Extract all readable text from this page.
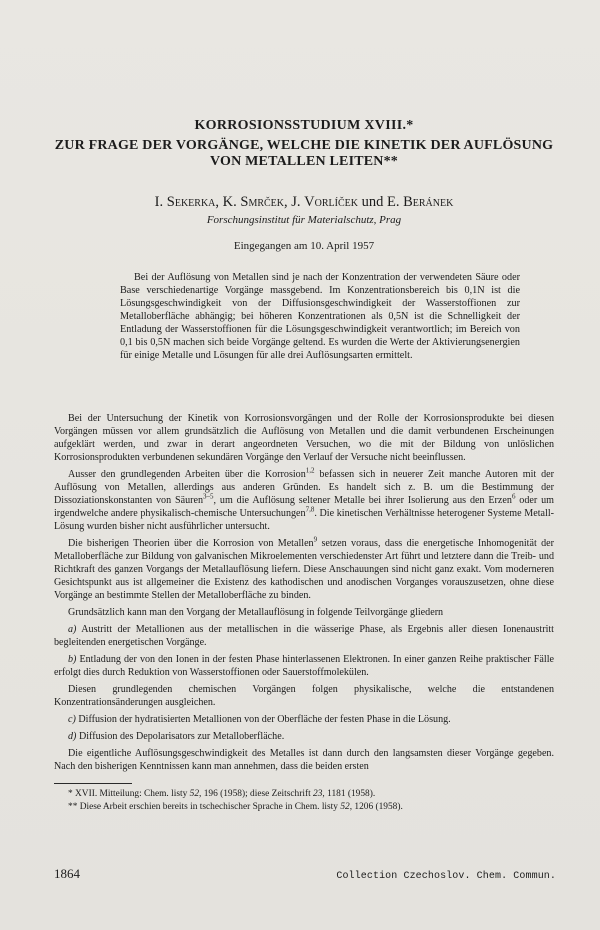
KORROSIONSSTUDIUM XVIII.*
ZUR FRAGE DER VORGÄNGE, WELCHE DIE KINETIK DER AUFLÖSUNG
VON METALLEN LEITEN**
I. Sekerka, K. Smrček, J. Vorlíček und E. Beránek
Forschungsinstitut für Materialschutz, Prag
Eingegangen am 10. April 1957
Bei der Auflösung von Metallen sind je nach der Konzentration der verwendeten Säure oder Base verschiedenartige Vorgänge massgebend. Im Konzentrationsbereich bis 0,1N ist die Lösungsgeschwindigkeit von der Diffusionsgeschwindigkeit der Wasserstoffionen zur Metalloberfläche abhängig; bei höheren Konzentrationen als 0,5N ist die Schnelligkeit der Entladung der Wasserstoffionen für die Lösungsgeschwindigkeit verantwortlich; im Bereich von 0,1 bis 0,5N machen sich beide Vorgänge geltend. Es wurden die Werte der Aktivierungsenergien für einige Metalle und Lösungen für alle drei Auflösungsarten ermittelt.

Bei der Untersuchung der Kinetik von Korrosionsvorgängen und der Rolle der Korrosionsprodukte bei diesen Vorgängen müssen vor allem grundsätzlich die Auflösung von Metallen und die damit verbundenen Erscheinungen aufgeklärt werden, und zwar in derart angeordneten Versuchen, wo die mit der Bildung von unlöslichen Korrosionsprodukten verbundenen sekundären Vorgänge den Verlauf der Versuche nicht beeinflussen.

Ausser den grundlegenden Arbeiten über die Korrosion$^{1,2}$ befassen sich in neuerer Zeit manche Autoren mit der Auflösung von Metallen, allerdings aus anderen Gründen. Es handelt sich z. B. um die Bestimmung der Dissoziationskonstanten von Säuren$^{3-5}$, um die Auflösung seltener Metalle bei ihrer Isolierung aus den Erzen$^6$ oder um irgendwelche andere physikalisch-chemische Untersuchungen$^{7,8}$. Die kinetischen Verhältnisse heterogener Systeme Metall-Lösung wurden bisher nicht ausführlicher untersucht.

Die bisherigen Theorien über die Korrosion von Metallen$^9$ setzen voraus, dass die energetische Inhomogenität der Metalloberfläche zur Bildung von galvanischen Mikroelementen verschiedenster Art führt und letztere dann die Treib- und Richtkraft des ganzen Vorgangs der Metallauflösung liefern. Diese Anschauungen sind nicht ganz exakt. Vom moderneren Gesichtspunkt aus ist allgemeiner die Existenz des kathodischen und anodischen Vorganges vorauszusetzen, ohne diese Vorgänge an bestimmte Stellen der Metalloberfläche zu binden.

Grundsätzlich kann man den Vorgang der Metallauflösung in folgende Teilvorgänge gliedern

a) Austritt der Metallionen aus der metallischen in die wässerige Phase, als Ergebnis aller diesen Ionenaustritt begleitenden energetischen Vorgänge.

b) Entladung der von den Ionen in der festen Phase hinterlassenen Elektronen. In einer ganzen Reihe praktischer Fälle erfolgt dies durch Reduktion von Wasserstoffionen oder Sauerstoffmolekülen.

Diesen grundlegenden chemischen Vorgängen folgen physikalische, welche die entstandenen Konzentrationsänderungen ausgleichen.

c) Diffusion der hydratisierten Metallionen von der Oberfläche der festen Phase in die Lösung.

d) Diffusion des Depolarisators zur Metalloberfläche.

Die eigentliche Auflösungsgeschwindigkeit des Metalles ist dann durch den langsamsten dieser Vorgänge gegeben. Nach den bisherigen Kenntnissen kann man annehmen, dass die beiden ersten

* XVII. Mitteilung: Chem. listy 52, 196 (1958); diese Zeitschrift 23, 1181 (1958).

** Diese Arbeit erschien bereits in tschechischer Sprache in Chem. listy 52, 1206 (1958).

1864	Collection Czechoslov. Chem. Commun.
